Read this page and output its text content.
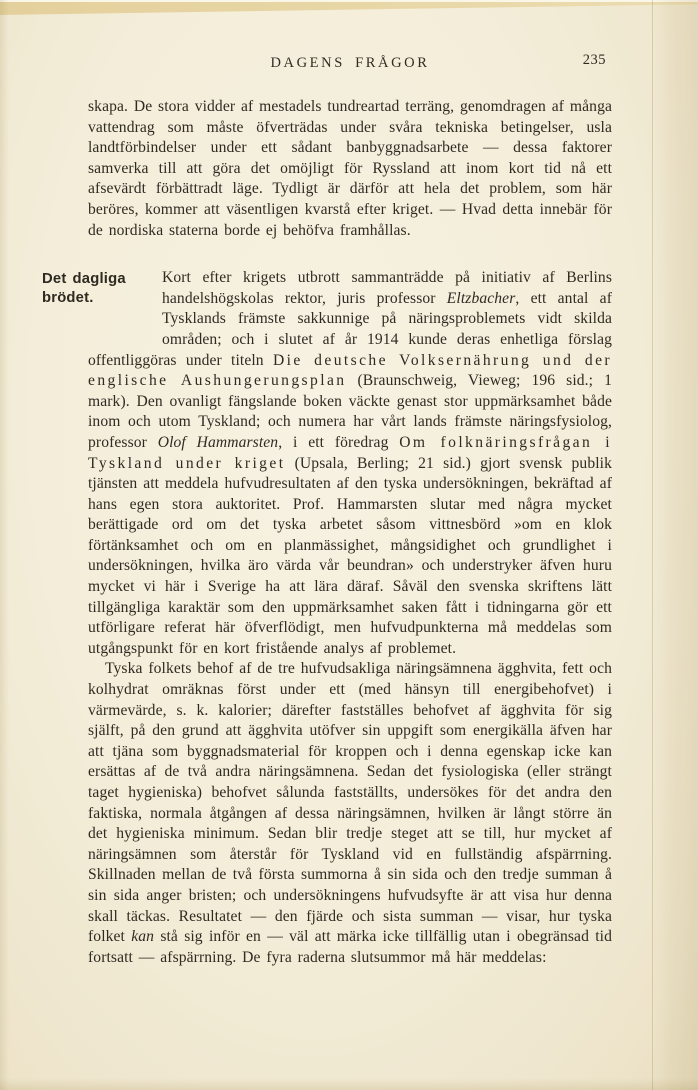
DAGENS FRÅGOR	235

skapa. De stora vidder af mestadels tundreartad terräng, genomdragen af många vattendrag som måste öfverträdas under svåra tekniska betingelser, usla landtförbindelser under ett sådant banbyggnadsarbete — dessa faktorer samverka till att göra det omöjligt för Ryssland att inom kort tid nå ett afsevärdt förbättradt läge. Tydligt är därför att hela det problem, som här beröres, kommer att väsentligen kvarstå efter kriget. — Hvad detta innebär för de nordiska staterna borde ej behöfva framhållas.

Det dagliga brödet.
Kort efter krigets utbrott sammanträdde på initiativ af Berlins handelshögskolas rektor, juris professor Eltzbacher, ett antal af Tysklands främste sakkunnige på näringsproblemets vidt skilda områden; och i slutet af år 1914 kunde deras enhetliga förslag offentliggöras under titeln Die deutsche Volksernährung und der englische Aushungerungsplan (Braunschweig, Vieweg; 196 sid.; 1 mark). Den ovanligt fängslande boken väckte genast stor uppmärksamhet både inom och utom Tyskland; och numera har vårt lands främste näringsfysiolog, professor Olof Hammarsten, i ett föredrag Om folknäringsfrågan i Tyskland under kriget (Upsala, Berling; 21 sid.) gjort svensk publik tjänsten att meddela hufvudresultaten af den tyska undersökningen, bekräftad af hans egen stora auktoritet. Prof. Hammarsten slutar med några mycket berättigade ord om det tyska arbetet såsom vittnesbörd »om en klok förtänksamhet och om en planmässighet, mångsidighet och grundlighet i undersökningen, hvilka äro värda vår beundran» och understryker äfven huru mycket vi här i Sverige ha att lära däraf. Såväl den svenska skriftens lätt tillgängliga karaktär som den uppmärksamhet saken fått i tidningarna gör ett utförligare referat här öfverflödigt, men hufvudpunkterna må meddelas som utgångspunkt för en kort fristående analys af problemet.

Tyska folkets behof af de tre hufvudsakliga näringsämnena ägghvita, fett och kolhydrat omräknas först under ett (med hänsyn till energibehofvet) i värmevärde, s. k. kalorier; därefter fastställes behofvet af ägghvita för sig själft, på den grund att ägghvita utöfver sin uppgift som energikälla äfven har att tjäna som byggnadsmaterial för kroppen och i denna egenskap icke kan ersättas af de två andra näringsämnena. Sedan det fysiologiska (eller strängt taget hygieniska) behofvet sålunda fastställts, undersökes för det andra den faktiska, normala åtgången af dessa näringsämnen, hvilken är långt större än det hygieniska minimum. Sedan blir tredje steget att se till, hur mycket af näringsämnen som återstår för Tyskland vid en fullständig afspärrning. Skillnaden mellan de två första summorna å sin sida och den tredje summan å sin sida anger bristen; och undersökningens hufvudsyfte är att visa hur denna skall täckas. Resultatet — den fjärde och sista summan — visar, hur tyska folket kan stå sig inför en — väl att märka icke tillfällig utan i obegränsad tid fortsatt — afspärrning. De fyra raderna slutsummor må här meddelas:
